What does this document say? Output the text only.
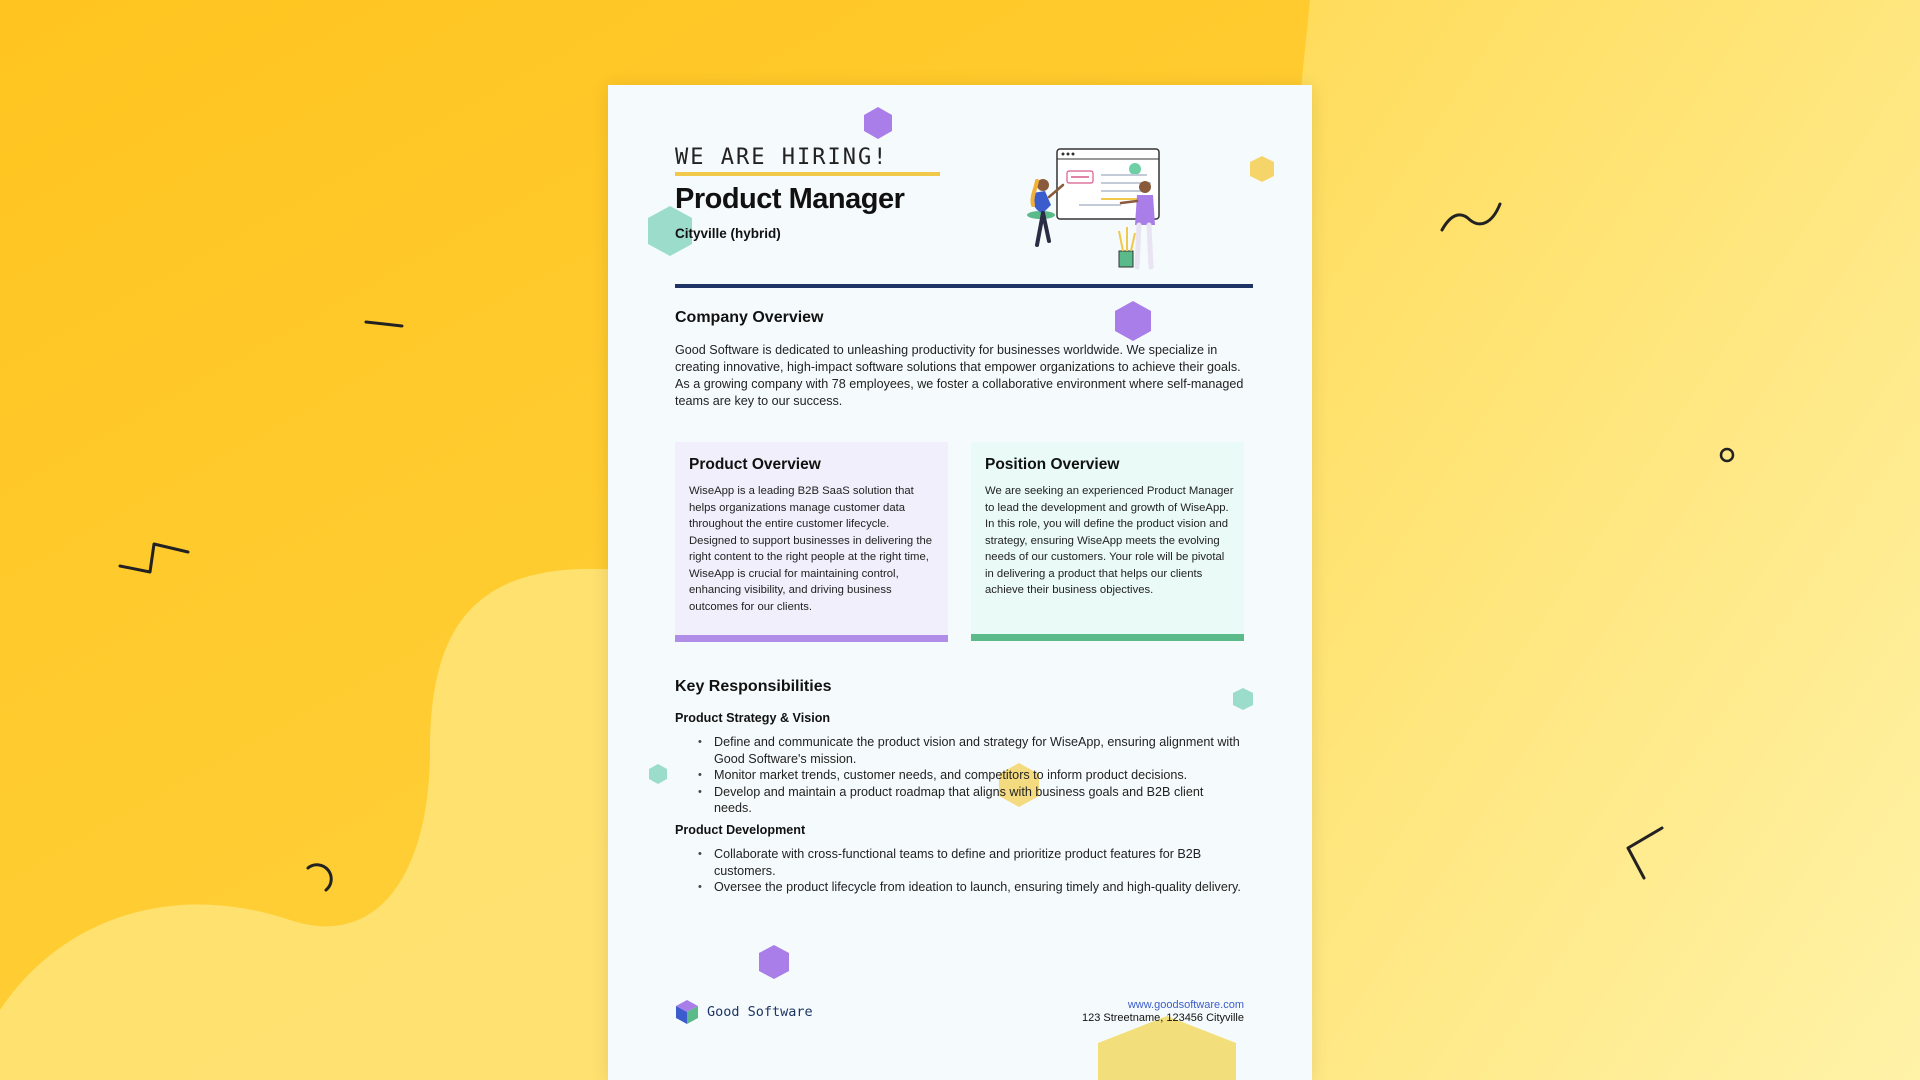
WE ARE HIRING!
Product Manager
Cityville (hybrid)
Company Overview
Good Software is dedicated to unleashing productivity for businesses worldwide. We specialize in creating innovative, high-impact software solutions that empower organizations to achieve their goals. As a growing company with 78 employees, we foster a collaborative environment where self-managed teams are key to our success.
Product Overview

WiseApp is a leading B2B SaaS solution that helps organizations manage customer data throughout the entire customer lifecycle. Designed to support businesses in delivering the right content to the right people at the right time, WiseApp is crucial for maintaining control, enhancing visibility, and driving business outcomes for our clients.

Position Overview

We are seeking an experienced Product Manager to lead the development and growth of WiseApp. In this role, you will define the product vision and strategy, ensuring WiseApp meets the evolving needs of our customers. Your role will be pivotal in delivering a product that helps our clients achieve their business objectives.

Key Responsibilities
Product Strategy & Vision
• Define and communicate the product vision and strategy for WiseApp, ensuring alignment with Good Software's mission.
• Monitor market trends, customer needs, and competitors to inform product decisions.
• Develop and maintain a product roadmap that aligns with business goals and B2B client needs.
Product Development
• Collaborate with cross-functional teams to define and prioritize product features for B2B customers.
• Oversee the product lifecycle from ideation to launch, ensuring timely and high-quality delivery.
Good Software	www.goodsoftware.com
123 Streetname, 123456 Cityville
